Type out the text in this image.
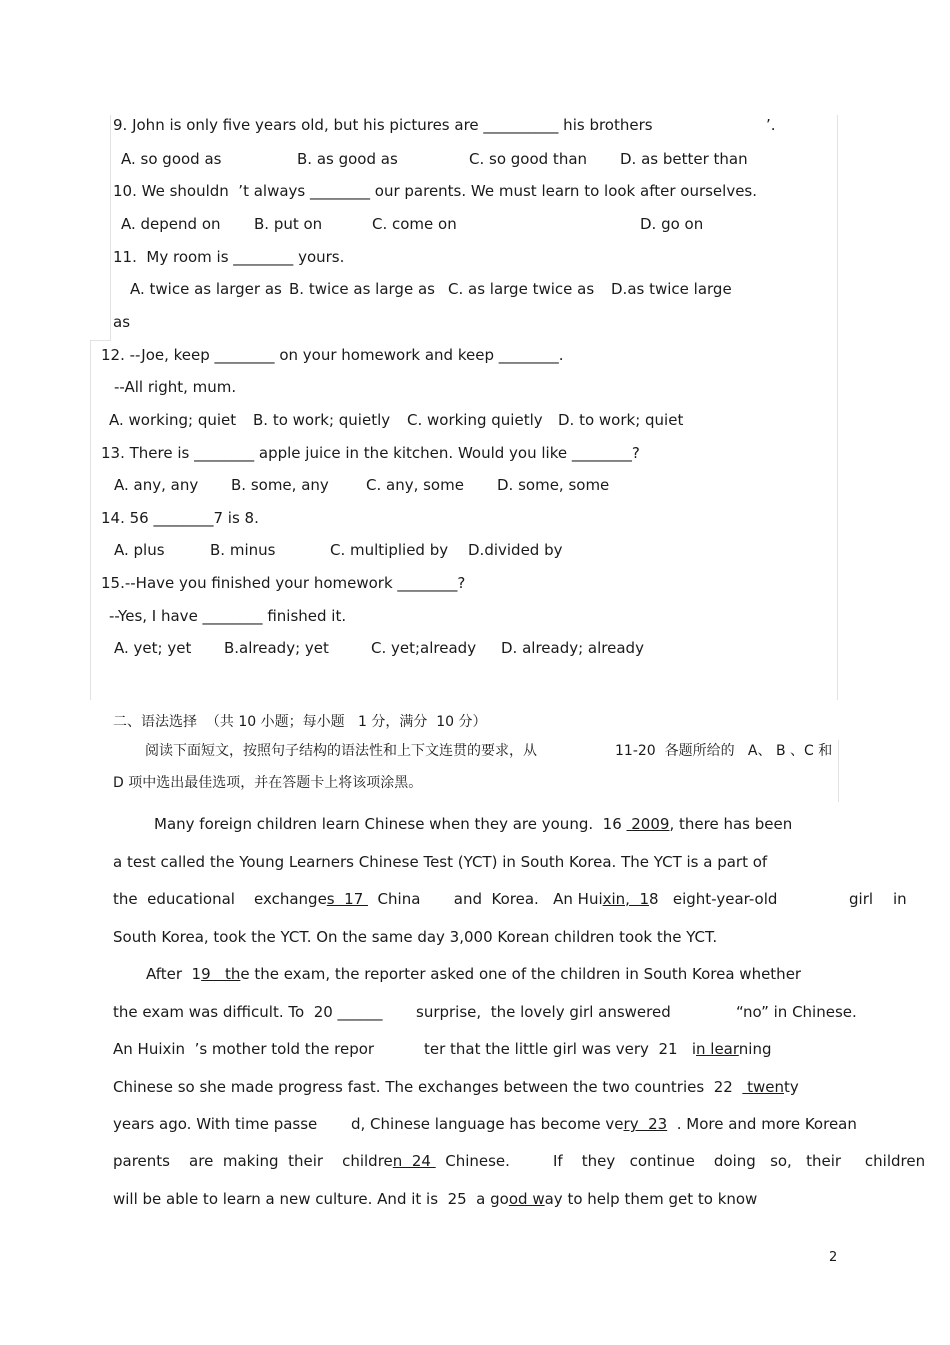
9. John is only five years old, but his pictures are __________ his brothers	’.
A. so good as	B. as good as	C. so good than D. as better than
10. We shouldn  ’t always ________ our parents. We must learn to look after ourselves.
A. depend on B. put on	C. come on	D. go on
11.  My room is ________ yours.
A. twice as larger as B. twice as large as C. as large twice as D.as twice large
as
12. --Joe, keep ________ on your homework and keep ________.
--All right, mum.
A. working; quiet B. to work; quietly C. working quietly D. to work; quiet
13. There is ________ apple juice in the kitchen. Would you like ________?
A. any, any B. some, any C. any, some D. some, some
14. 56 ________7 is 8.
A. plus	B. minus	C. multiplied by D.divided by
15.--Have you finished your homework ________?
--Yes, I have ________ finished it.
A. yet; yet B.already; yet	C. yet;already D. already; already
二、语法选择  （共 10 小题；每小题   1 分，满分  10 分）
阅读下面短文，按照句子结构的语法性和上下文连贯的要求，从	11-20  各题所给的   A、 B 、C 和
D 项中选出最佳选项，并在答题卡上将该项涂黑。
Many foreign children learn Chinese when they are young.  16  2009, there has been
a test called the Young Learners Chinese Test (YCT) in South Korea. The YCT is a part of
the  educational    exchanges  17   China       and  Korea.   An Huixin,  18   eight-year-old	girl in
South Korea, took the YCT. On the same day 3,000 Korean children took the YCT.
After  19   the the exam, the reporter asked one of the children in South Korea whether
the exam was difficult. To  20 ______ surprise,  the lovely girl answered	“no” in Chinese.
An Huixin  ’s mother told the repor	ter that the little girl was very  21   in learning
Chinese so she made progress fast. The exchanges between the two countries  22   twenty
years ago. With time passe d, Chinese language has become very  23  . More and more Korean
parents    are  making  their    children  24   Chinese.	If    they   continue    doing   so,   their     children
will be able to learn a new culture. And it is  25  a good way to help them get to know
2
